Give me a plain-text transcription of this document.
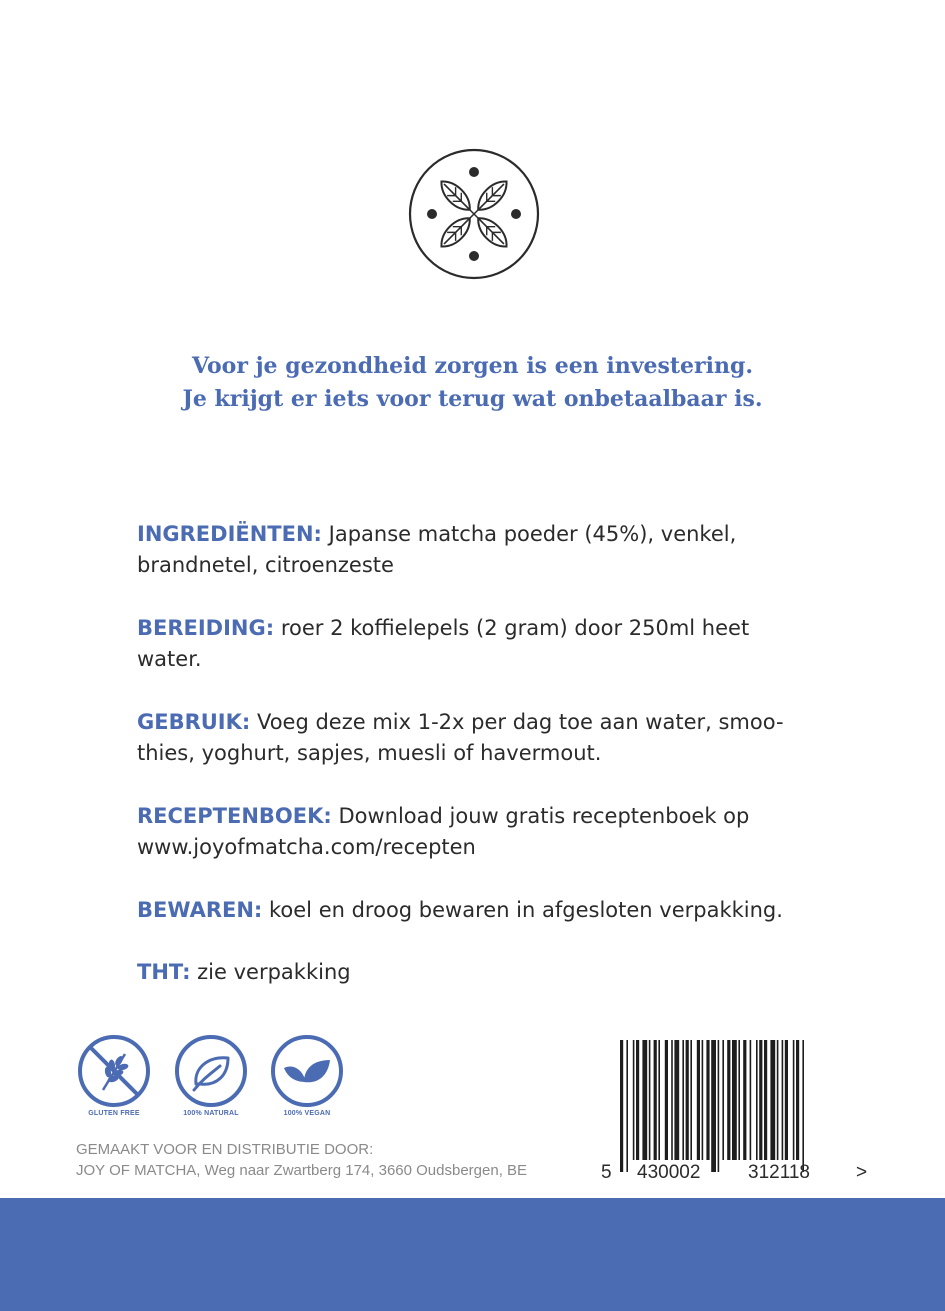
Voor je gezondheid zorgen is een investering.
Je krijgt er iets voor terug wat onbetaalbaar is.

INGREDIËNTEN: Japanse matcha poeder (45%), venkel,
brandnetel, citroenzeste

BEREIDING: roer 2 koffielepels (2 gram) door 250ml heet
water.

GEBRUIK: Voeg deze mix 1-2x per dag toe aan water, smoo-
thies, yoghurt, sapjes, muesli of havermout.

RECEPTENBOEK: Download jouw gratis receptenboek op
www.joyofmatcha.com/recepten

BEWAREN: koel en droog bewaren in afgesloten verpakking.

THT: zie verpakking

GLUTEN FREE	100% NATURAL	100% VEGAN
GEMAAKT VOOR EN DISTRIBUTIE DOOR:
JOY OF MATCHA, Weg naar Zwartberg 174, 3660 Oudsbergen, BE	5 430002	312118 >
